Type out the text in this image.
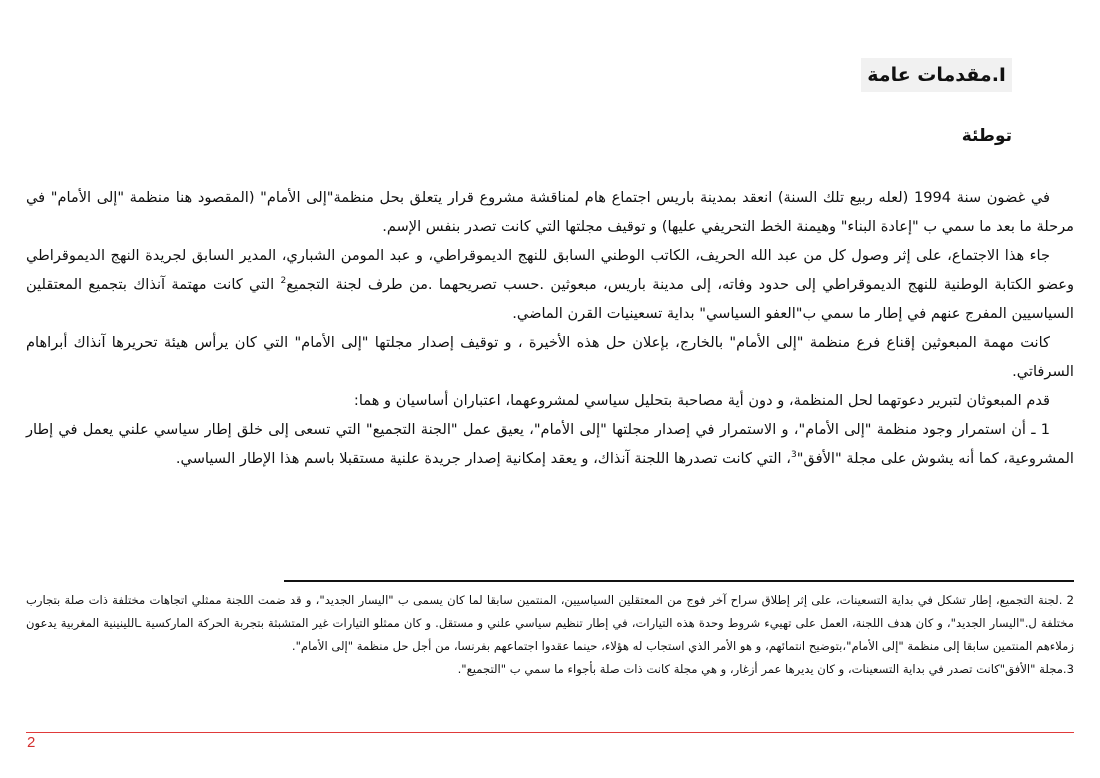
I.مقدمات عامة
توطئة

في غضون سنة 1994 (لعله ربيع تلك السنة) انعقد بمدينة باريس اجتماع هام لمناقشة مشروع قرار يتعلق بحل منظمة"إلى الأمام" (المقصود هنا منظمة "إلى الأمام" في مرحلة ما بعد ما سمي ب "إعادة البناء" وهيمنة الخط التحريفي عليها) و توقيف مجلتها التي كانت تصدر بنفس الإسم.

جاء هذا الاجتماع، على إثر وصول كل من عبد الله الحريف، الكاتب الوطني السابق للنهج الديموقراطي، و عبد المومن الشباري، المدير السابق لجريدة النهج الديموقراطي وعضو الكتابة الوطنية للنهج الديموقراطي إلى حدود وفاته، إلى مدينة باريس، مبعوثين .حسب تصريحهما .من طرف لجنة التجميع$^2$ التي كانت مهتمة آنذاك بتجميع المعتقلين السياسيين المفرج عنهم في إطار ما سمي ب"العفو السياسي" بداية تسعينيات القرن الماضي.

كانت مهمة المبعوثين إقناع فرع منظمة "إلى الأمام" بالخارج، بإعلان حل هذه الأخيرة ، و توقيف إصدار مجلتها "إلى الأمام" التي كان يرأس هيئة تحريرها آنذاك أبراهام السرفاتي.

قدم المبعوثان لتبرير دعوتهما لحل المنظمة، و دون أية مصاحبة بتحليل سياسي لمشروعهما، اعتباران أساسيان و هما:

1 ـ أن استمرار وجود منظمة "إلى الأمام"، و الاستمرار في إصدار مجلتها "إلى الأمام"، يعيق عمل "الجنة التجميع" التي تسعى إلى خلق إطار سياسي علني يعمل في إطار المشروعية، كما أنه يشوش على مجلة "الأفق"$^3$، التي كانت تصدرها اللجنة آنذاك، و يعقد إمكانية إصدار جريدة علنية مستقبلا باسم هذا الإطار السياسي.

2 .لجنة التجميع، إطار تشكل في بداية التسعينات، على إثر إطلاق سراح آخر فوج من المعتقلين السياسيين، المنتمين سابقا لما كان يسمى ب "اليسار الجديد"، و قد ضمت اللجنة ممثلي اتجاهات مختلفة ذات صلة بتجارب مختلفة ل."اليسار الجديد"، و كان هدف اللجنة، العمل على تهييء شروط وحدة هذه التيارات، في إطار تنظيم سياسي علني و مستقل. و كان ممثلو التيارات غير المتشبثة بتجربة الحركة الماركسية ـاللينينية المغربية يدعون زملاءهم المنتمين سابقا إلى منظمة "إلى الأمام"،بتوضيح انتمائهم، و هو الأمر الذي استجاب له هؤلاء، حينما عقدوا اجتماعهم بفرنسا، من أجل حل منظمة "إلى الأمام".

3.مجلة "الأفق"كانت تصدر في بداية التسعينات، و كان يديرها عمر أزغار، و هي مجلة كانت ذات صلة بأجواء ما سمي ب "التجميع".

2
